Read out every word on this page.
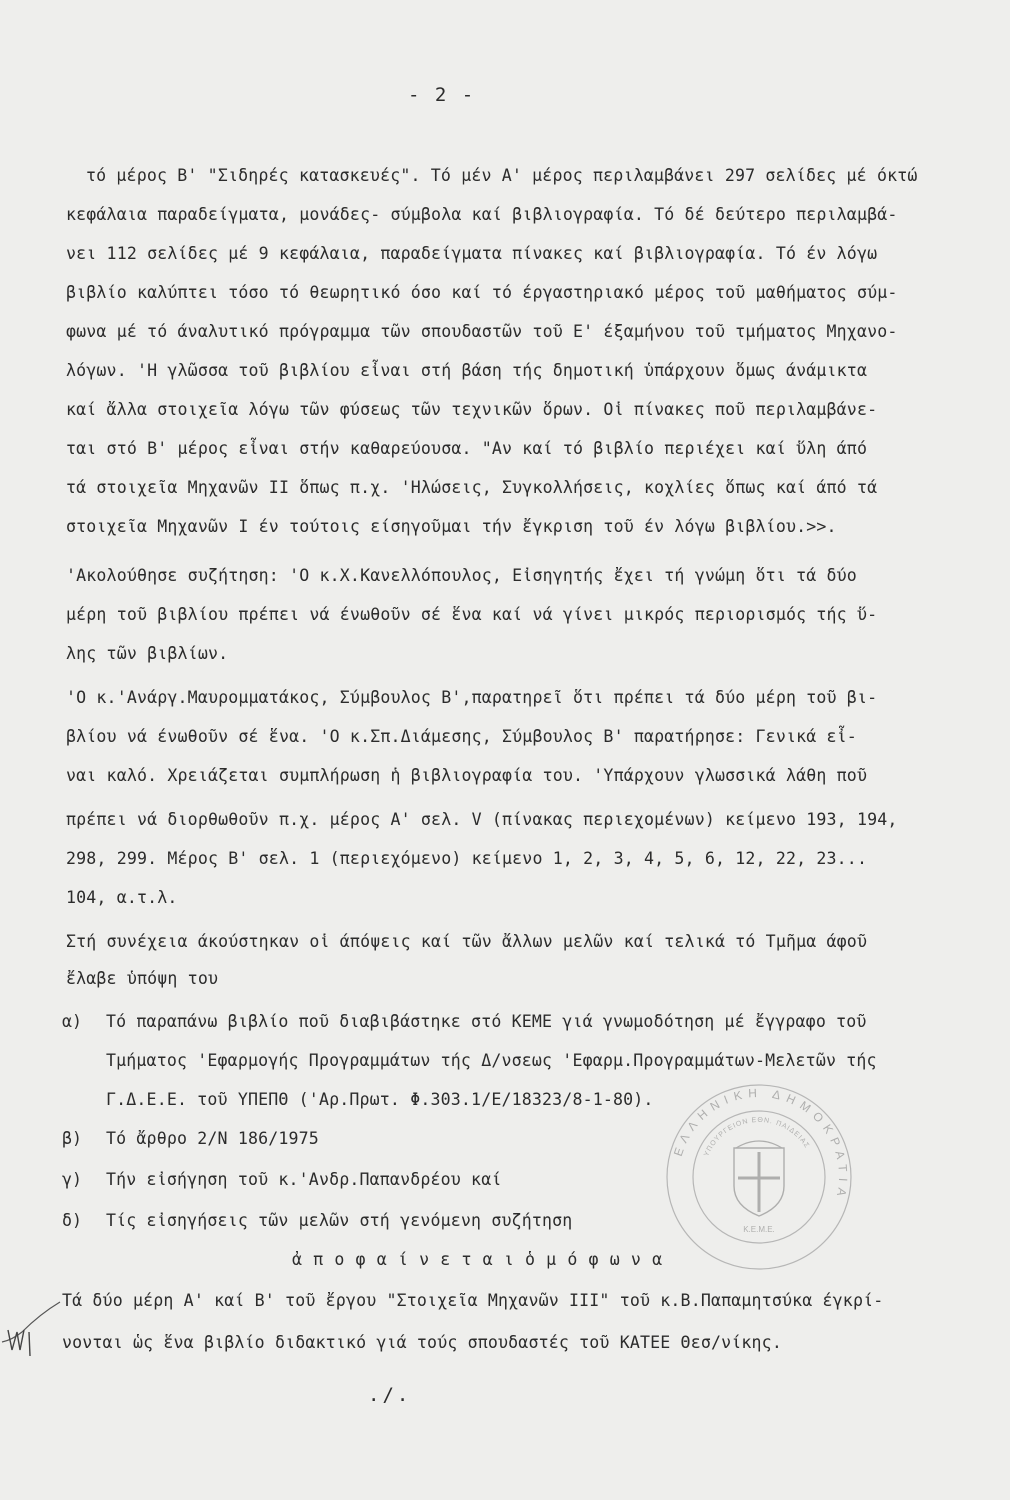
- 2 -
τό μέρος Β' "Σιδηρές κατασκευές". Τό μέν Α' μέρος περιλαμβάνει 297 σελίδες μέ όκτώ
κεφάλαια παραδείγματα, μονάδες- σύμβολα καί βιβλιογραφία. Τό δέ δεύτερο περιλαμβά-
νει 112 σελίδες μέ 9 κεφάλαια, παραδείγματα πίνακες καί βιβλιογραφία. Τό έν λόγω
βιβλίο καλύπτει τόσο τό θεωρητικό όσο καί τό έργαστηριακό μέρος τοῦ μαθήματος σύμ-
φωνα μέ τό άναλυτικό πρόγραμμα τῶν σπουδαστῶν τοῦ Ε' έξαμήνου τοῦ τμήματος Μηχανο-
λόγων. 'Η γλῶσσα τοῦ βιβλίου εἶναι στή βάση τής δημοτική ὑπάρχουν ὅμως άνάμικτα
καί ἄλλα στοιχεῖα λόγω τῶν φύσεως τῶν τεχνικῶν ὅρων. Οἱ πίνακες ποῦ περιλαμβάνε-
ται στό Β' μέρος εἶναι στήν καθαρεύουσα. "Αν καί τό βιβλίο περιέχει καί ὕλη άπό
τά στοιχεῖα Μηχανῶν ΙΙ ὅπως π.χ. 'Ηλώσεις, Συγκολλήσεις, κοχλίες ὅπως καί άπό τά
στοιχεῖα Μηχανῶν Ι έν τούτοις είσηγοῦμαι τήν ἔγκριση τοῦ έν λόγω βιβλίου.>>.
'Ακολούθησε συζήτηση: 'Ο κ.Χ.Κανελλόπουλος, Εἰσηγητής ἔχει τή γνώμη ὅτι τά δύο
μέρη τοῦ βιβλίου πρέπει νά ένωθοῦν σέ ἕνα καί νά γίνει μικρός περιορισμός τής ὕ-
λης τῶν βιβλίων.
'Ο κ.'Ανάργ.Μαυρομματάκος, Σύμβουλος Β',παρατηρεῖ ὅτι πρέπει τά δύο μέρη τοῦ βι-
βλίου νά ένωθοῦν σέ ἕνα. 'Ο κ.Σπ.Διάμεσης, Σύμβουλος Β' παρατήρησε: Γενικά εἶ-
ναι καλό. Χρειάζεται συμπλήρωση ἡ βιβλιογραφία του. 'Υπάρχουν γλωσσικά λάθη ποῦ
πρέπει νά διορθωθοῦν π.χ. μέρος Α' σελ. V (πίνακας περιεχομένων) κείμενο 193, 194,
298, 299. Μέρος Β' σελ. 1 (περιεχόμενο) κείμενο 1, 2, 3, 4, 5, 6, 12, 22, 23...
104, α.τ.λ.
Στή συνέχεια άκούστηκαν οἱ άπόψεις καί τῶν ἄλλων μελῶν καί τελικά τό Τμῆμα άφοῦ
ἔλαβε ὑπόψη του
α) Τό παραπάνω βιβλίο ποῦ διαβιβάστηκε στό ΚΕΜΕ γιά γνωμοδότηση μέ ἔγγραφο τοῦ
Τμήματος 'Εφαρμογής Προγραμμάτων τής Δ/νσεως 'Εφαρμ.Προγραμμάτων-Μελετῶν τής
Γ.Δ.Ε.Ε. τοῦ ΥΠΕΠΘ ('Αρ.Πρωτ. Φ.303.1/Ε/18323/8-1-80).
β) Τό ἄρθρο 2/Ν 186/1975
γ) Τήν εἰσήγηση τοῦ κ.'Ανδρ.Παπανδρέου καί
δ) Τίς εἰσηγήσεις τῶν μελῶν στή γενόμενη συζήτηση
ἀ π ο φ α ί ν ε τ α ι ὁ μ ό φ ω ν α
Τά δύο μέρη Α' καί Β' τοῦ ἔργου "Στοιχεῖα Μηχανῶν ΙΙΙ" τοῦ κ.Β.Παπαμητσύκα έγκρί-
νονται ὡς ἕνα βιβλίο διδακτικό γιά τούς σπουδαστές τοῦ ΚΑΤΕΕ Θεσ/νίκης.
./.
ΕΛΛΗΝΙΚΗ ΔΗΜΟΚΡΑΤΙΑ
ΥΠΟΥΡΓΕΙΟΝ ΕΘΝ. ΠΑΙΔΕΙΑΣ
Κ.Ε.Μ.Ε.
